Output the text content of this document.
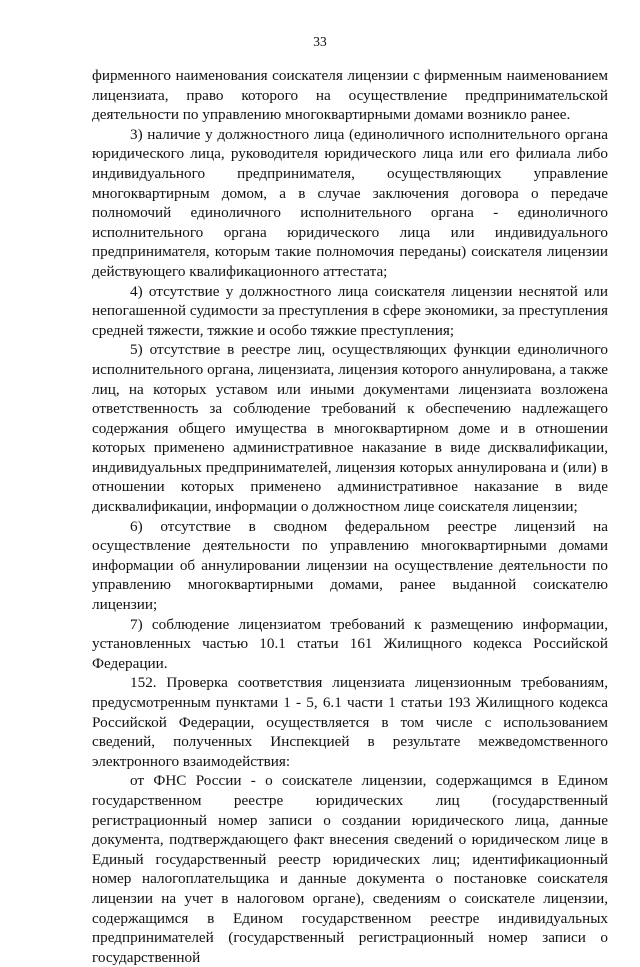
33

фирменного наименования соискателя лицензии с фирменным наименованием лицензиата, право которого на осуществление предпринимательской деятельности по управлению многоквартирными домами возникло ранее.

3) наличие у должностного лица (единоличного исполнительного органа юридического лица, руководителя юридического лица или его филиала либо индивидуального предпринимателя, осуществляющих управление многоквартирным домом, а в случае заключения договора о передаче полномочий единоличного исполнительного органа - единоличного исполнительного органа юридического лица или индивидуального предпринимателя, которым такие полномочия переданы) соискателя лицензии действующего квалификационного аттестата;

4) отсутствие у должностного лица соискателя лицензии неснятой или непогашенной судимости за преступления в сфере экономики, за преступления средней тяжести, тяжкие и особо тяжкие преступления;

5) отсутствие в реестре лиц, осуществляющих функции единоличного исполнительного органа, лицензиата, лицензия которого аннулирована, а также лиц, на которых уставом или иными документами лицензиата возложена ответственность за соблюдение требований к обеспечению надлежащего содержания общего имущества в многоквартирном доме и в отношении которых применено административное наказание в виде дисквалификации, индивидуальных предпринимателей, лицензия которых аннулирована и (или) в отношении которых применено административное наказание в виде дисквалификации, информации о должностном лице соискателя лицензии;

6) отсутствие в сводном федеральном реестре лицензий на осуществление деятельности по управлению многоквартирными домами информации об аннулировании лицензии на осуществление деятельности по управлению многоквартирными домами, ранее выданной соискателю лицензии;

7) соблюдение лицензиатом требований к размещению информации, установленных частью 10.1 статьи 161 Жилищного кодекса Российской Федерации.

152. Проверка соответствия лицензиата лицензионным требованиям, предусмотренным пунктами 1 - 5, 6.1 части 1 статьи 193 Жилищного кодекса Российской Федерации, осуществляется в том числе с использованием сведений, полученных Инспекцией в результате межведомственного электронного взаимодействия:

от ФНС России - о соискателе лицензии, содержащимся в Едином государственном реестре юридических лиц (государственный регистрационный номер записи о создании юридического лица, данные документа, подтверждающего факт внесения сведений о юридическом лице в Единый государственный реестр юридических лиц; идентификационный номер налогоплательщика и данные документа о постановке соискателя лицензии на учет в налоговом органе), сведениям о соискателе лицензии, содержащимся в Едином государственном реестре индивидуальных предпринимателей (государственный регистрационный номер записи о государственной
